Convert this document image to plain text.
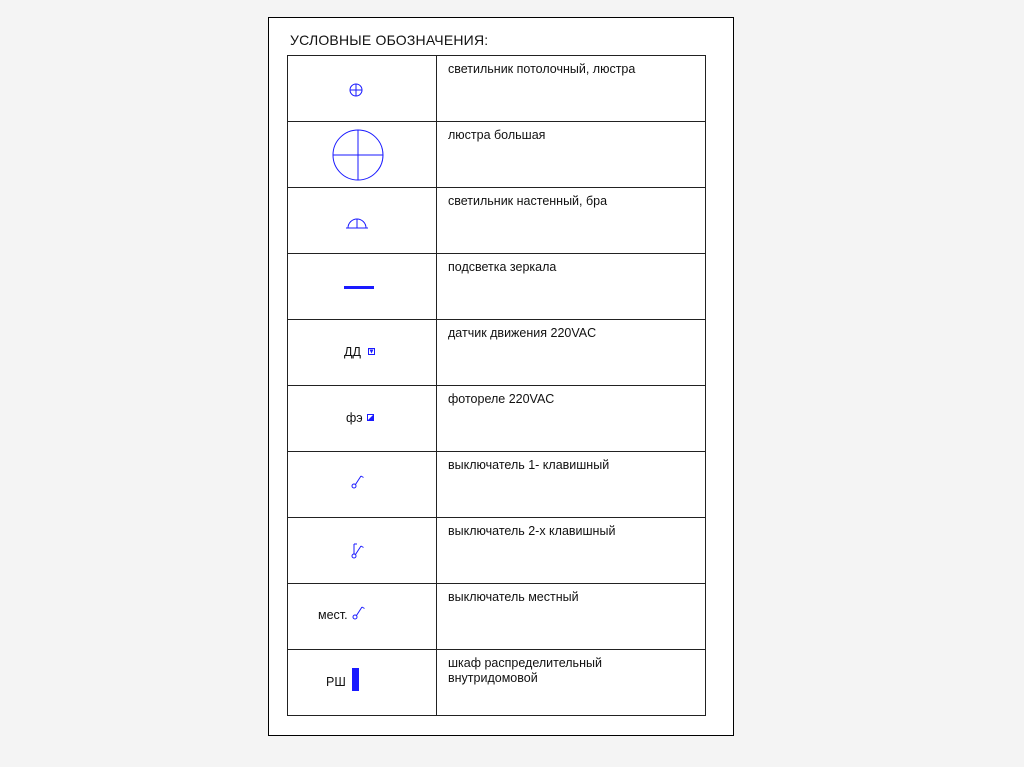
УСЛОВНЫЕ ОБОЗНАЧЕНИЯ:

светильник потолочный, люстра

люстра большая

светильник настенный, бра

подсветка зеркала

ДД	датчик движения 220VAC

фэ	фотореле 220VAC

выключатель 1- клавишный

выключатель 2-х клавишный

мест.	выключатель местный

РШ	шкаф распределительный
внутридомовой
